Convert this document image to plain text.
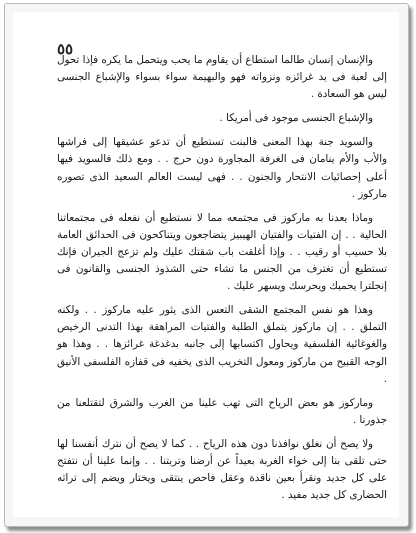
٥٥

والإنسان إنسان طالما استطاع أن يقاوم ما يحب ويتحمل ما يكره فإذا تحول إلى لعبة فى يد غرائزه ونزواته فهو والبهيمة سواء بسواء والإشباع الجنسى ليس هو السعادة .

والإشباع الجنسى موجود فى أمريكا .

والسويد جنة بهذا المعنى فالبنت تستطيع أن تدعو عشيقها إلى فراشها والأب والأم ينامان فى الغرفة المجاورة دون حرج . . ومع ذلك فالسويد فيها أعلى إحصائيات الانتحار والجنون . . فهى ليست العالم السعيد الذى تصوره ماركوز .

وماذا يعدنا به ماركوز فى مجتمعه مما لا نستطيع أن نفعله فى مجتمعاتنا الحالية . . إن الفتيات والفتيان الهيبيز يتضاجعون ويتناكحون فى الحدائق العامة بلا حسيب أو رقيب . . وإذا أغلقت باب شقتك عليك ولم تزعج الجيران فإنك تستطيع أن تغترف من الجنس ما تشاء حتى الشذوذ الجنسى والقانون فى إنجلترا يحميك ويحرسك ويسهر عليك .

وهذا هو نفس المجتمع الشقى التعس الذى يثور عليه ماركوز . . ولكنه التملق . . إن ماركوز يتملق الطلبة والفتيات المراهقة بهذا التدنى الرخيص والغوغائية الفلسفية ويحاول اكتسابها إلى جانبه بدغدغة غرائزها . . وهذا هو الوجه القبيح من ماركوز ومعول التخريب الذى يخفيه فى قفازه الفلسفى الأنيق .

وماركوز هو بعض الرياح التى تهب علينا من الغرب والشرق لتقتلعنا من جذورنا .

ولا يصح أن نغلق نوافذنا دون هذه الرياح . . كما لا يصح أن نترك أنفسنا لها حتى تلقى بنا إلى خواء الغربة بعيداً عن أرضنا وتربتنا . . وإنما علينا أن نتفتح على كل جديد ونقرأ بعين ناقدة وعقل فاحص ينتقى ويختار ويضم إلى تراثه الحضارى كل جديد مفيد .
